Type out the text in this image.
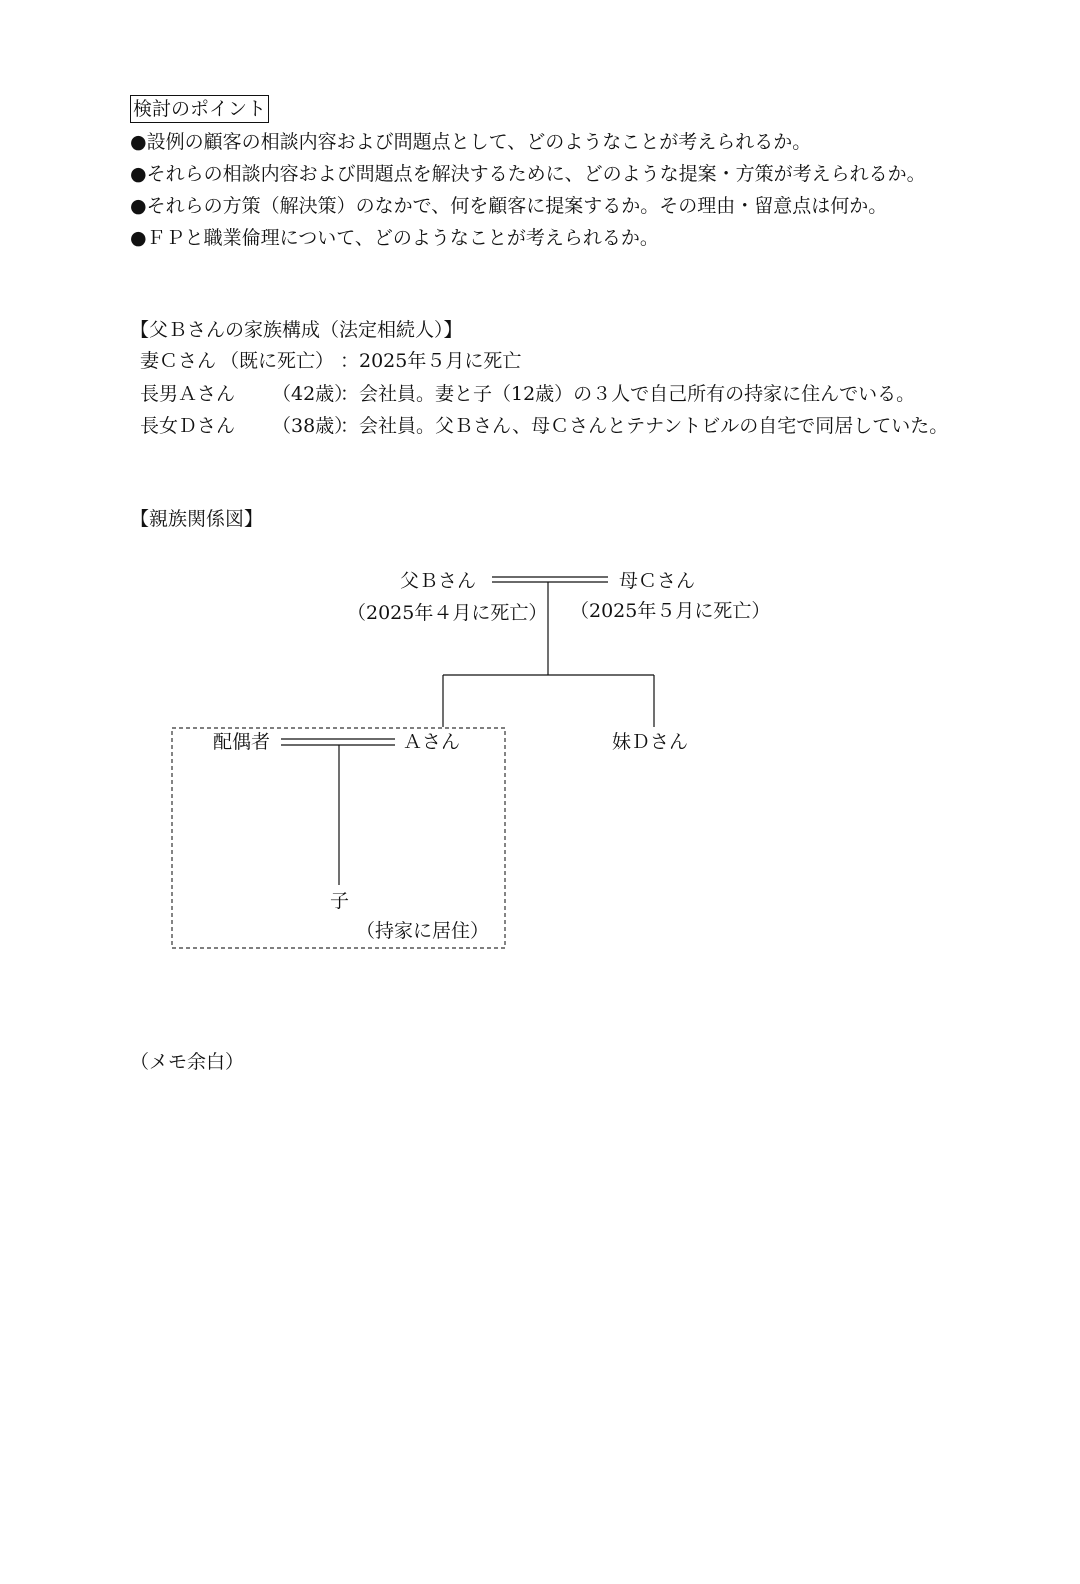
検討のポイント
●設例の顧客の相談内容および問題点として、どのようなことが考えられるか。
●それらの相談内容および問題点を解決するために、どのような提案・方策が考えられるか。
●それらの方策（解決策）のなかで、何を顧客に提案するか。その理由・留意点は何か。
●ＦＰと職業倫理について、どのようなことが考えられるか。
【父Ｂさんの家族構成（法定相続人）】
妻Ｃさん （既に死亡） ：2025年５月に死亡
長男Ａさん （42歳）
：会社員。妻と子（12歳）の３人で自己所有の持家に住んでいる。
長女Ｄさん （38歳）
：会社員。父Ｂさん、母Ｃさんとテナントビルの自宅で同居していた。
【親族関係図】
父Ｂさん
（2025年４月に死亡）
母Ｃさん
（2025年５月に死亡）
配偶者	Ａさん	妹Ｄさん
子
（持家に居住）
（メモ余白）
